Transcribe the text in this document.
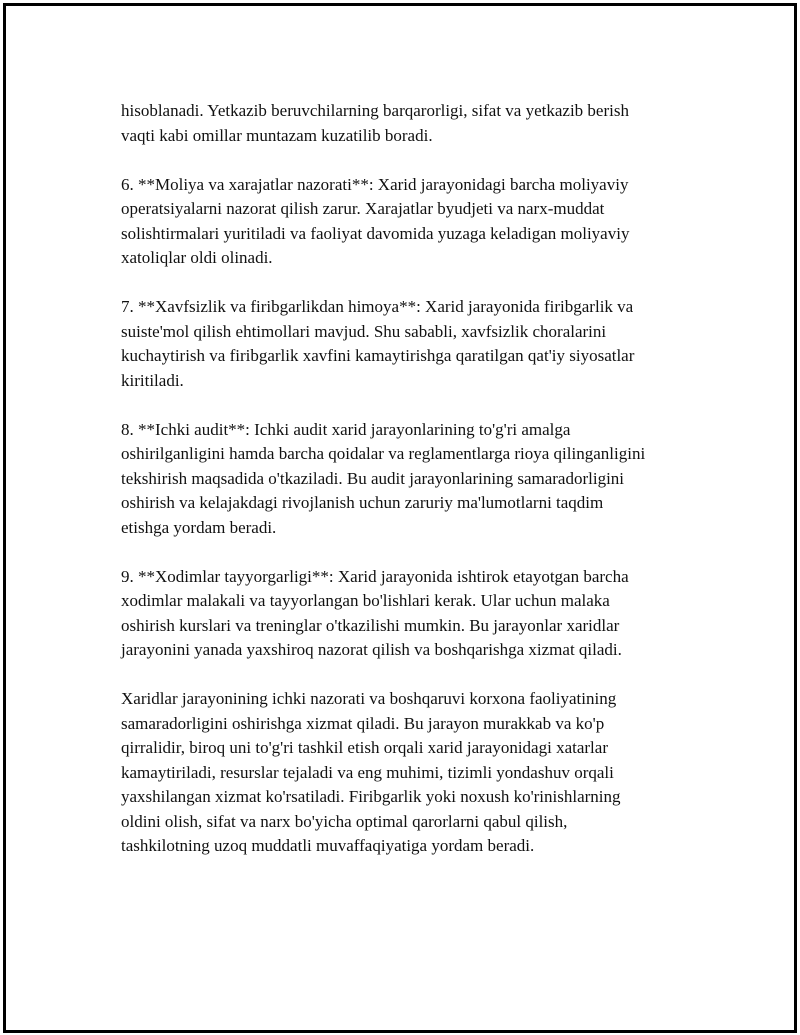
hisoblanadi. Yetkazib beruvchilarning barqarorligi, sifat va yetkazib berish
vaqti kabi omillar muntazam kuzatilib boradi.

6. **Moliya va xarajatlar nazorati**: Xarid jarayonidagi barcha moliyaviy
operatsiyalarni nazorat qilish zarur. Xarajatlar byudjeti va narx-muddat
solishtirmalari yuritiladi va faoliyat davomida yuzaga keladigan moliyaviy
xatoliqlar oldi olinadi.

7. **Xavfsizlik va firibgarlikdan himoya**: Xarid jarayonida firibgarlik va
suiste'mol qilish ehtimollari mavjud. Shu sababli, xavfsizlik choralarini
kuchaytirish va firibgarlik xavfini kamaytirishga qaratilgan qat'iy siyosatlar
kiritiladi.

8. **Ichki audit**: Ichki audit xarid jarayonlarining to'g'ri amalga
oshirilganligini hamda barcha qoidalar va reglamentlarga rioya qilinganligini
tekshirish maqsadida o'tkaziladi. Bu audit jarayonlarining samaradorligini
oshirish va kelajakdagi rivojlanish uchun zaruriy ma'lumotlarni taqdim
etishga yordam beradi.

9. **Xodimlar tayyorgarligi**: Xarid jarayonida ishtirok etayotgan barcha
xodimlar malakali va tayyorlangan bo'lishlari kerak. Ular uchun malaka
oshirish kurslari va treninglar o'tkazilishi mumkin. Bu jarayonlar xaridlar
jarayonini yanada yaxshiroq nazorat qilish va boshqarishga xizmat qiladi.

Xaridlar jarayonining ichki nazorati va boshqaruvi korxona faoliyatining
samaradorligini oshirishga xizmat qiladi. Bu jarayon murakkab va ko'p
qirralidir, biroq uni to'g'ri tashkil etish orqali xarid jarayonidagi xatarlar
kamaytiriladi, resurslar tejaladi va eng muhimi, tizimli yondashuv orqali
yaxshilangan xizmat ko'rsatiladi. Firibgarlik yoki noxush ko'rinishlarning
oldini olish, sifat va narx bo'yicha optimal qarorlarni qabul qilish,
tashkilotning uzoq muddatli muvaffaqiyatiga yordam beradi.
